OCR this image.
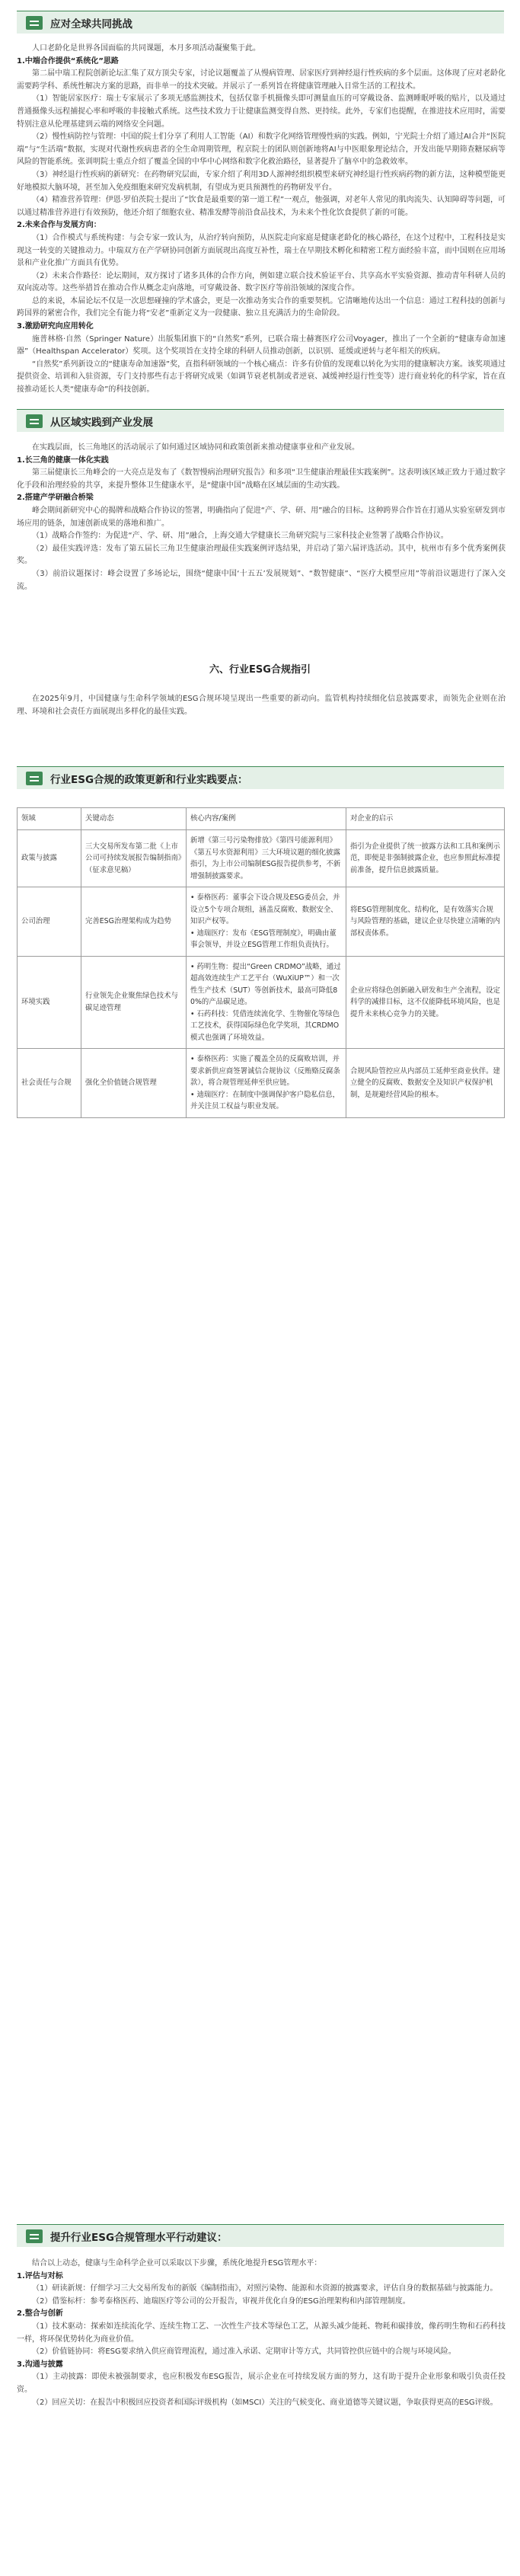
应对全球共同挑战

人口老龄化是世界各国面临的共同课题，本月多项活动凝聚集于此。

1.中端合作提供“系统化”思路

第二届中瑞工程院创新论坛汇集了双方顶尖专家，讨论议题覆盖了从慢病管理、居家医疗到神经退行性疾病的多个层面。这体现了应对老龄化需要跨学科、系统性解决方案的思路，而非单一的技术突破。并展示了一系列旨在将健康管理融入日常生活的工程技术。

（1）智能居家医疗：瑞士专家展示了多项无感监测技术，包括仅靠手机摄像头即可测量血压的可穿戴设备、监测睡眠呼吸的贴片，以及通过普通摄像头远程捕捉心率和呼吸的非接触式系统。这些技术致力于让健康监测变得自然、更持续。此外，专家们也提醒，在推进技术应用时，需要特别注意从伦理基建到云端的网络安全问题。

（2）慢性病防控与管理：中国的院士们分享了利用人工智能（AI）和数字化网络管理慢性病的实践。例如，宁光院士介绍了通过AI合并“医院端”与“生活端”数据，实现对代谢性疾病患者的全生命周期管理，程京院士的团队则创新地将AI与中医眼象理论结合，开发出能早期筛查糖尿病等风险的智能系统。张训明院士重点介绍了覆盖全国的中华中心网络和数字化救治路径，显著提升了脑卒中的急救效率。

（3）神经退行性疾病的新研究：在药物研究层面，专家介绍了利用3D人源神经组织模型来研究神经退行性疾病药物的新方法，这种模型能更好地模拟大脑环境，甚至加入免疫细胞来研究发病机制，有望成为更具预测性的药物研发平台。

（4）精准营养管理：伊恩·罗伯茨院士提出了“饮食是最重要的第一道工程”一观点，他强调，对老年人常见的肌肉流失、认知障碍等问题，可以通过精准营养进行有效预防，他还介绍了细胞农业、精准发酵等前沿食品技术，为未来个性化饮食提供了新的可能。

2.未来合作与发展方向：

（1）合作模式与系统构建：与会专家一致认为，从治疗转向预防，从医院走向家庭是健康老龄化的核心路径，在这个过程中，工程科技是实现这一转变的关键推动力。中瑞双方在产学研协同创新方面展现出高度互补性，瑞士在早期技术孵化和精密工程方面经验丰富，而中国则在应用场景和产业化推广方面具有优势。

（2）未来合作路径：论坛期间，双方探讨了诸多具体的合作方向，例如建立联合技术验证平台、共享高水平实验资源、推动青年科研人员的双向流动等。这些举措旨在推动合作从概念走向落地，可穿戴设备、数字医疗等前沿领域的深度合作。

总的来说，本届论坛不仅是一次思想碰撞的学术盛会，更是一次推动务实合作的重要契机。它清晰地传达出一个信息：通过工程科技的创新与跨国界的紧密合作，我们完全有能力将“安老”重新定义为一段健康、独立且充满活力的生命阶段。

3.激励研究向应用转化

施普林格·自然（Springer Nature）出版集团旗下的“自然奖”系列，已联合瑞士赫赛医疗公司Voyager，推出了一个全新的“健康寿命加速器”（Healthspan Accelerator）奖项。这个奖项旨在支持全球的科研人员推动创新，以识别、延缓或逆转与老年相关的疾病。

“自然奖”系列新设立的“健康寿命加速器”奖，直指科研领域的一个核心痛点：许多有价值的发现难以转化为实用的健康解决方案。该奖项通过提供资金、培训和入驻资源，专门支持那些有志于将研究成果（如调节衰老机制或者逆衰、减缓神经退行性变等）进行商业转化的科学家，旨在直接推动延长人类“健康寿命”的科技创新。

从区域实践到产业发展

在实践层面，长三角地区的活动展示了如何通过区域协同和政策创新来推动健康事业和产业发展。

1.长三角的健康一体化实践

第三届健康长三角峰会的一大亮点是发布了《数智慢病治理研究报告》和多项“卫生健康治理最佳实践案例”。这表明该区域正致力于通过数字化手段和治理经验的共享，来提升整体卫生健康水平，是“健康中国”战略在区域层面的生动实践。

2.搭建产学研融合桥梁

峰会期间新研究中心的揭牌和战略合作协议的签署，明确指向了促进“产、学、研、用”融合的目标。这种跨界合作旨在打通从实验室研发到市场应用的链条，加速创新成果的落地和推广。

（1）战略合作签约：为促进“产、学、研、用”融合，上海交通大学健康长三角研究院与三家科技企业签署了战略合作协议。

（2）最佳实践评选：发布了第五届长三角卫生健康治理最佳实践案例评选结果，并启动了第六届评选活动。其中，杭州市有多个优秀案例获奖。

（3）前沿议题探讨：峰会设置了多场论坛，围绕“健康中国‘十五五’发展规划”、“数智健康”、“医疗大模型应用”等前沿议题进行了深入交流。

六、行业ESG合规指引

在2025年9月，中国健康与生命科学领域的ESG合规环境呈现出一些重要的新动向。监管机构持续细化信息披露要求，而领先企业则在治理、环境和社会责任方面展现出多样化的最佳实践。

行业ESG合规的政策更新和行业实践要点：
领域	关键动态	核心内容/案例	对企业的启示
政策与披露	三大交易所发布第二批《上市公司可持续发展报告编制指南》（征求意见稿）	新增《第三号污染物排放》《第四号能源利用》《第五号水资源利用》三大环境议题的细化披露指引，为上市公司编制ESG报告提供参考，不新增强制披露要求。	指引为企业提供了统一披露方法和工具和案例示范，即便是非强制披露企业，也应参照此标准提前准备，提升信息披露质量。
公司治理	完善ESG治理架构成为趋势	• 泰格医药：董事会下设合规及ESG委员会，并设立5个专项合规组，涵盖反腐败、数据安全、知识产权等。
• 迪瑞医疗：发布《ESG管理制度》，明确由董事会领导，并设立ESG管理工作组负责执行。	将ESG管理制度化、结构化，是有效落实合规与风险管理的基础，建议企业尽快建立清晰的内部权责体系。
环境实践	行业领先企业聚焦绿色技术与碳足迹管理	• 药明生物：提出“Green CRDMO”战略，通过超高效连续生产工艺平台（WuXiUP™）和一次性生产技术（SUT）等创新技术，最高可降低80%的产品碳足迹。
• 石药科技：凭借连续流化学、生物催化等绿色工艺技术，获得国际绿色化学奖项，其CRDMO模式也强调了环境效益。	企业应将绿色创新融入研发和生产全流程，设定科学的减排目标，这不仅能降低环境风险，也是提升未来核心竞争力的关键。
社会责任与合规	强化全价值链合规管理	• 泰格医药：实施了覆盖全员的反腐败培训，并要求新供应商签署诚信合规协议（反贿赂反腐条款），将合规管理延伸至供应链。
• 迪瑞医疗：在制度中强调保护客户隐私信息，并关注员工权益与职业发展。	合规风险管控应从内部员工延伸至商业伙伴。建立健全的反腐败、数据安全及知识产权保护机制，是规避经营风险的根本。
提升行业ESG合规管理水平行动建议：

结合以上动态，健康与生命科学企业可以采取以下步骤，系统化地提升ESG管理水平：

1.评估与对标

（1）研读新规：仔细学习三大交易所发布的新版《编制指南》，对照污染物、能源和水资源的披露要求，评估自身的数据基础与披露能力。

（2）借鉴标杆：参考泰格医药、迪瑞医疗等公司的公开报告，审视并优化自身的ESG治理架构和内部管理制度。

2.整合与创新

（1）技术驱动：探索如连续流化学、连续生物工艺、一次性生产技术等绿色工艺，从源头减少能耗、物耗和碳排放，像药明生物和石药科技一样，将环保优势转化为商业价值。

（2）价值链协同：将ESG要求纳入供应商管理流程，通过准入承诺、定期审计等方式，共同管控供应链中的合规与环境风险。

3.沟通与披露

（1）主动披露：即使未被强制要求，也应积极发布ESG报告，展示企业在可持续发展方面的努力，这有助于提升企业形象和吸引负责任投资。

（2）回应关切：在报告中积极回应投资者和国际评级机构（如MSCI）关注的气候变化、商业道德等关键议题，争取获得更高的ESG评级。
